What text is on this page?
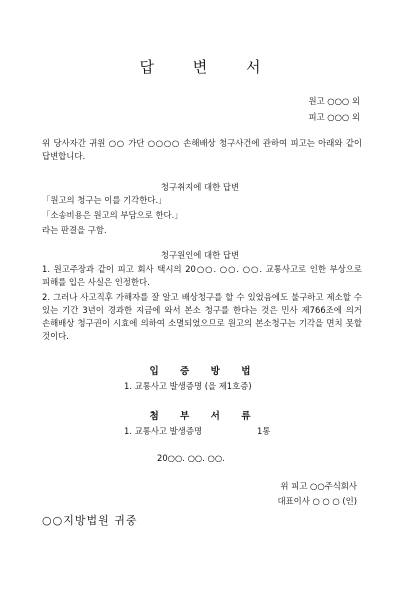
답 변 서
원고 ○○○ 외
피고 ○○○ 외
위 당사자간 귀원 ○○ 가단 ○○○○ 손해배상 청구사건에 관하여 피고는 아래와 같이 답변합니다.
청구취지에 대한 답변
「원고의 청구는 이를 기각한다.」
「소송비용은 원고의 부담으로 한다.」
라는 판결을 구함.
청구원인에 대한 답변
1. 원고주장과 같이 피고 회사 택시의 20○○. ○○. ○○. 교통사고로 인한 부상으로 피해를 입은 사실은 인정한다.
2. 그러나 사고직후 가해자를 잘 알고 배상청구를 할 수 있었음에도 불구하고 제소할 수 있는 기간 3년이 경과한 지금에 와서 본소 청구를 한다는 것은 민사 제766조에 의거 손해배상 청구권이 시효에 의하여 소멸되었으므로 원고의 본소청구는 기각을 면치 못할 것이다.
입 증 방 법
1. 교통사고 발생증명 (을 제1호증)
첨 부 서 류
1. 교통사고 발생증명	1통
20○○. ○○. ○○.
위 피고 ○○주식회사
대표이사 ○ ○ ○ (인)
○○지방법원 귀중
